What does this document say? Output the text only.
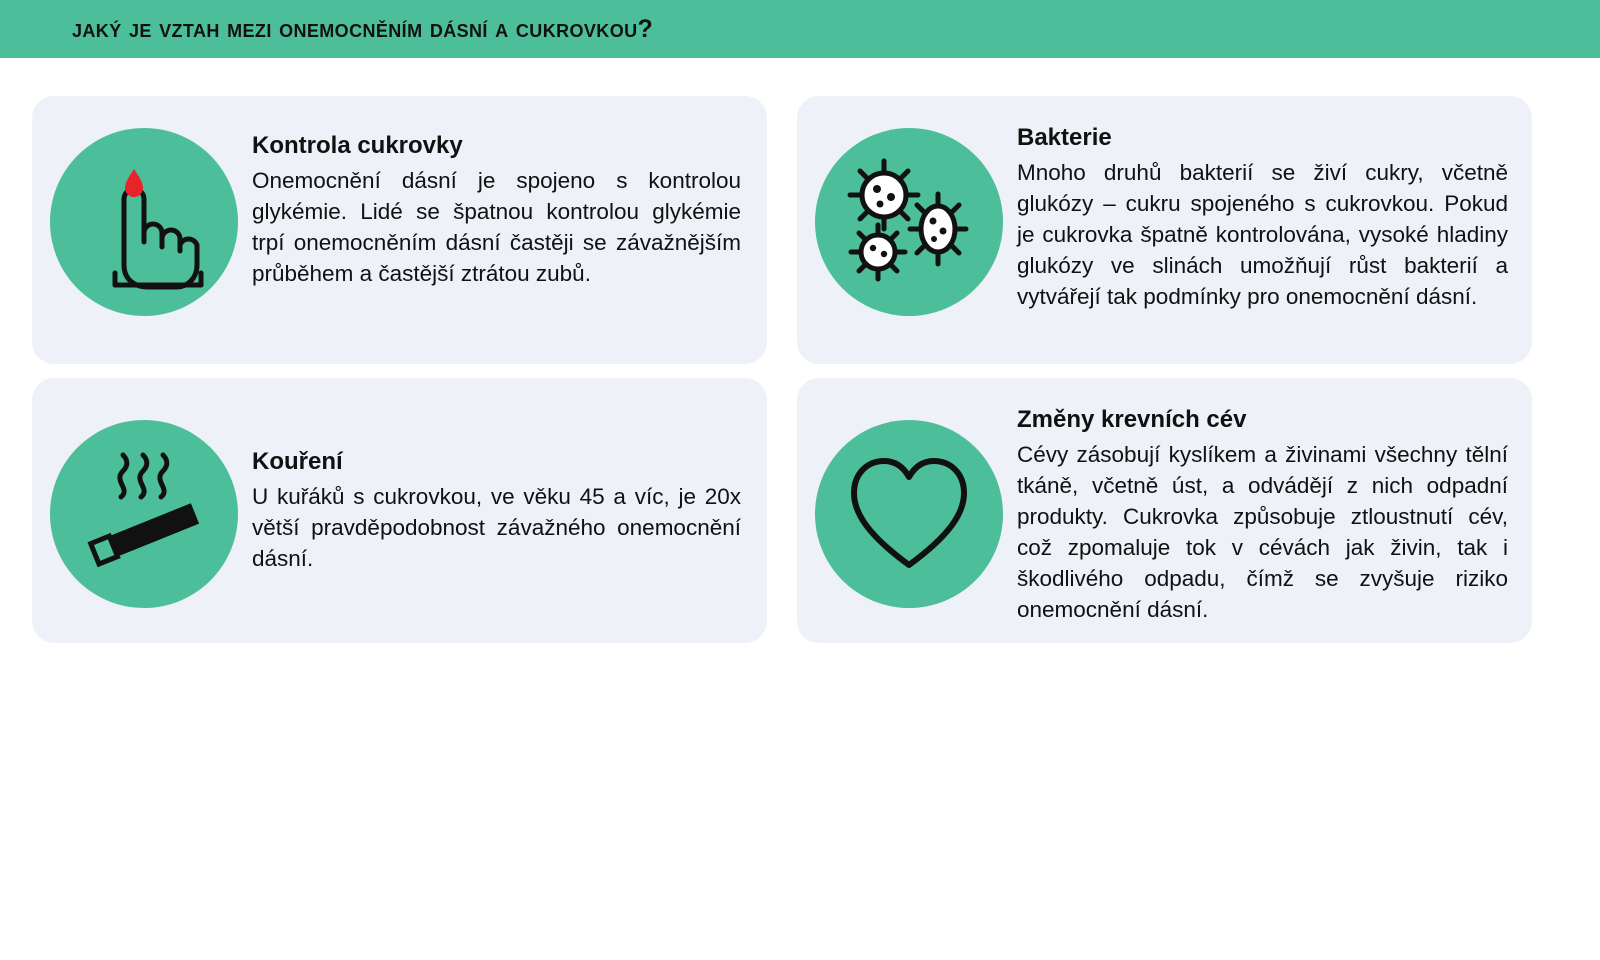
jaký je vztah mezi onemocněním dásní a cukrovkou?
Kontrola cukrovky

Onemocnění dásní je spojeno s kontrolou glykémie. Lidé se špatnou kontrolou glykémie trpí onemocněním dásní častěji se závažnějším průběhem a častější ztrátou zubů.

Bakterie

Mnoho druhů bakterií se živí cukry, včetně glukózy – cukru spojeného s cukrovkou. Pokud je cukrovka špatně kontrolována, vysoké hladiny glukózy ve slinách umožňují růst bakterií a vytvářejí tak podmínky pro onemocnění dásní.

Kouření

U kuřáků s cukrovkou, ve věku 45 a víc, je 20x větší pravděpodobnost závažného onemocnění dásní.

Změny krevních cév

Cévy zásobují kyslíkem a živinami všechny tělní tkáně, včetně úst, a odvádějí z nich odpadní produkty. Cukrovka způsobuje ztloustnutí cév, což zpomaluje tok v cévách jak živin, tak i škodlivého odpadu, čímž se zvyšuje riziko onemocnění dásní.
